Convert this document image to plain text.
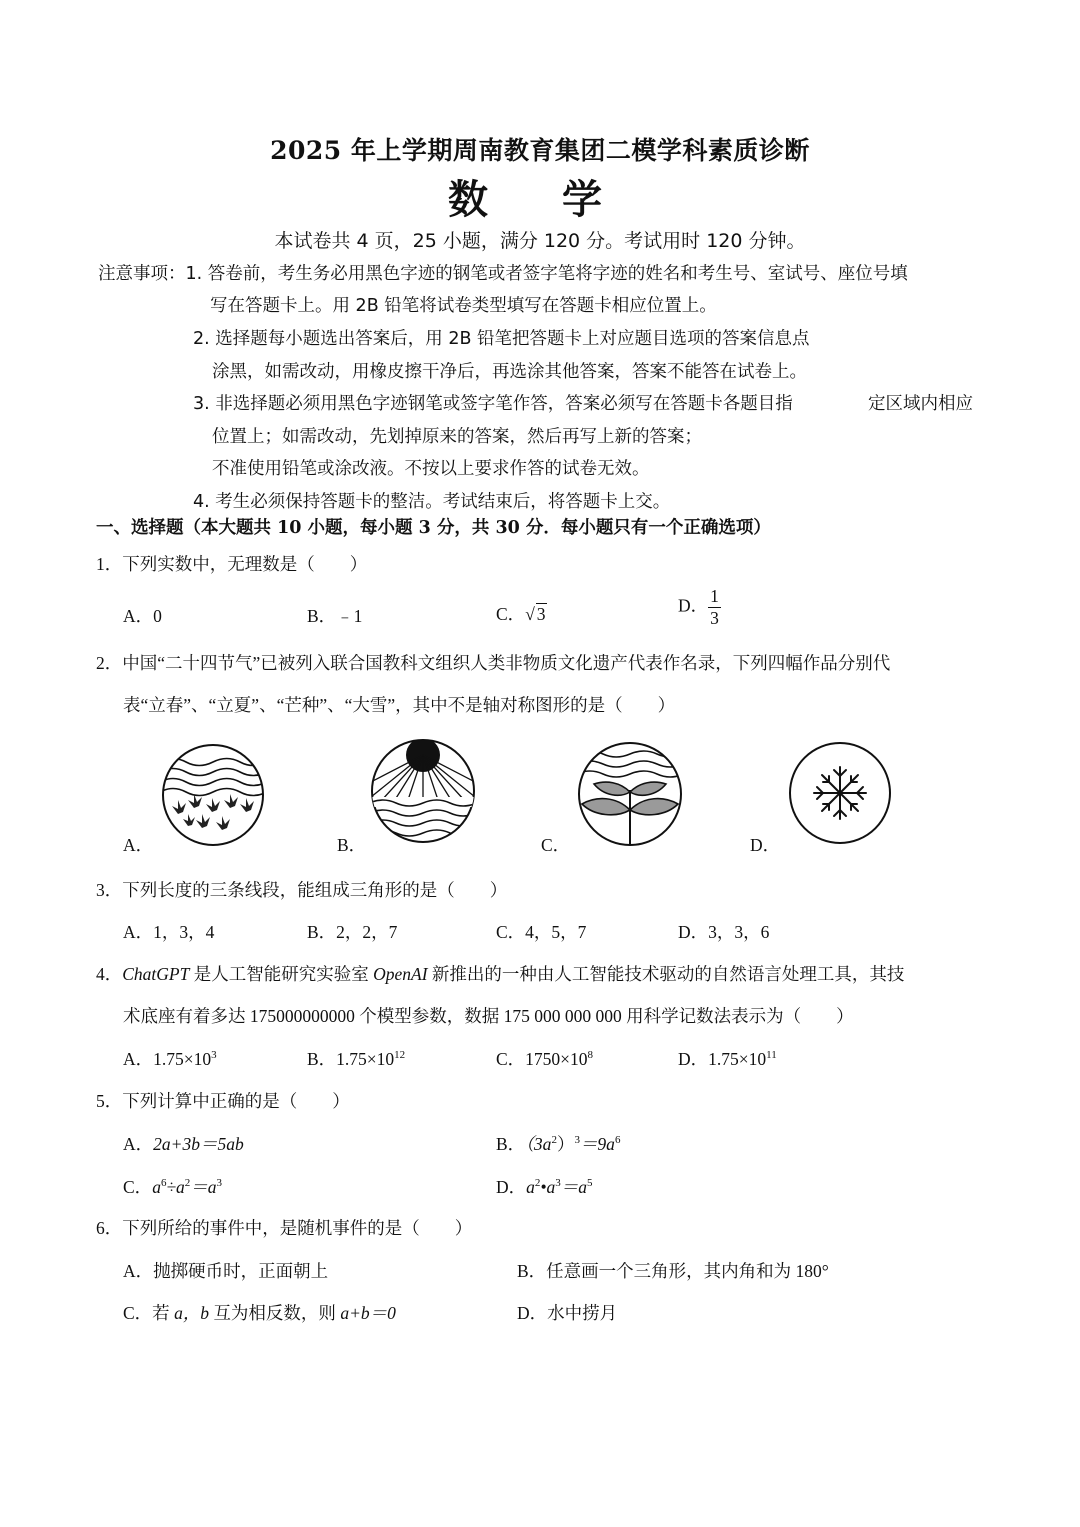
2025 年上学期周南教育集团二模学科素质诊断
数 学
本试卷共 4 页，25 小题，满分 120 分。考试用时 120 分钟。
注意事项：1. 答卷前，考生务必用黑色字迹的钢笔或者签字笔将字迹的姓名和考生号、室试号、座位号填
写在答题卡上。用 2B 铅笔将试卷类型填写在答题卡相应位置上。
2. 选择题每小题选出答案后，用 2B 铅笔把答题卡上对应题目选项的答案信息点
涂黑，如需改动，用橡皮擦干净后，再选涂其他答案，答案不能答在试卷上。
3. 非选择题必须用黑色字迹钢笔或签字笔作答，答案必须写在答题卡各题目指	定区域内相应
位置上；如需改动，先划掉原来的答案，然后再写上新的答案；
不准使用铅笔或涂改液。不按以上要求作答的试卷无效。
4. 考生必须保持答题卡的整洁。考试结束后，将答题卡上交。
一、选择题（本大题共 10 小题，每小题 3 分，共 30 分．每小题只有一个正确选项）
1．下列实数中，无理数是（　　）
A．0	B．﹣1	C．√ 3	D． $\frac{1}{3}$
2．中国“二十四节气”已被列入联合国教科文组织人类非物质文化遗产代表作名录，下列四幅作品分别代
表“立春”、“立夏”、“芒种”、“大雪”，其中不是轴对称图形的是（　　）
A．	B．	C．	D．
3．下列长度的三条线段，能组成三角形的是（　　）
A．1，3，4	B．2，2，7	C．4，5，7	D．3，3，6
4．ChatGPT 是人工智能研究实验室 OpenAI 新推出的一种由人工智能技术驱动的自然语言处理工具，其技
术底座有着多达 175000000000 个模型参数，数据 175 000 000 000 用科学记数法表示为（　　）
A．$1.75\times 10^3$	B．$1.75\times 10^{12}$	C．$1750\times 10^8$	D．$1.75\times 10^{11}$
5．下列计算中正确的是（　　）
A．2a+3b＝5ab	B．$(3a^2)^3=9a^6$
C．$a^6\div a^2=a^3$	D．$a^2•a^3=a^5$
6．下列所给的事件中，是随机事件的是（　　）
A．抛掷硬币时，正面朝上	B．任意画一个三角形，其内角和为 180°
C．若 a，b 互为相反数，则 a+b＝0	D．水中捞月
